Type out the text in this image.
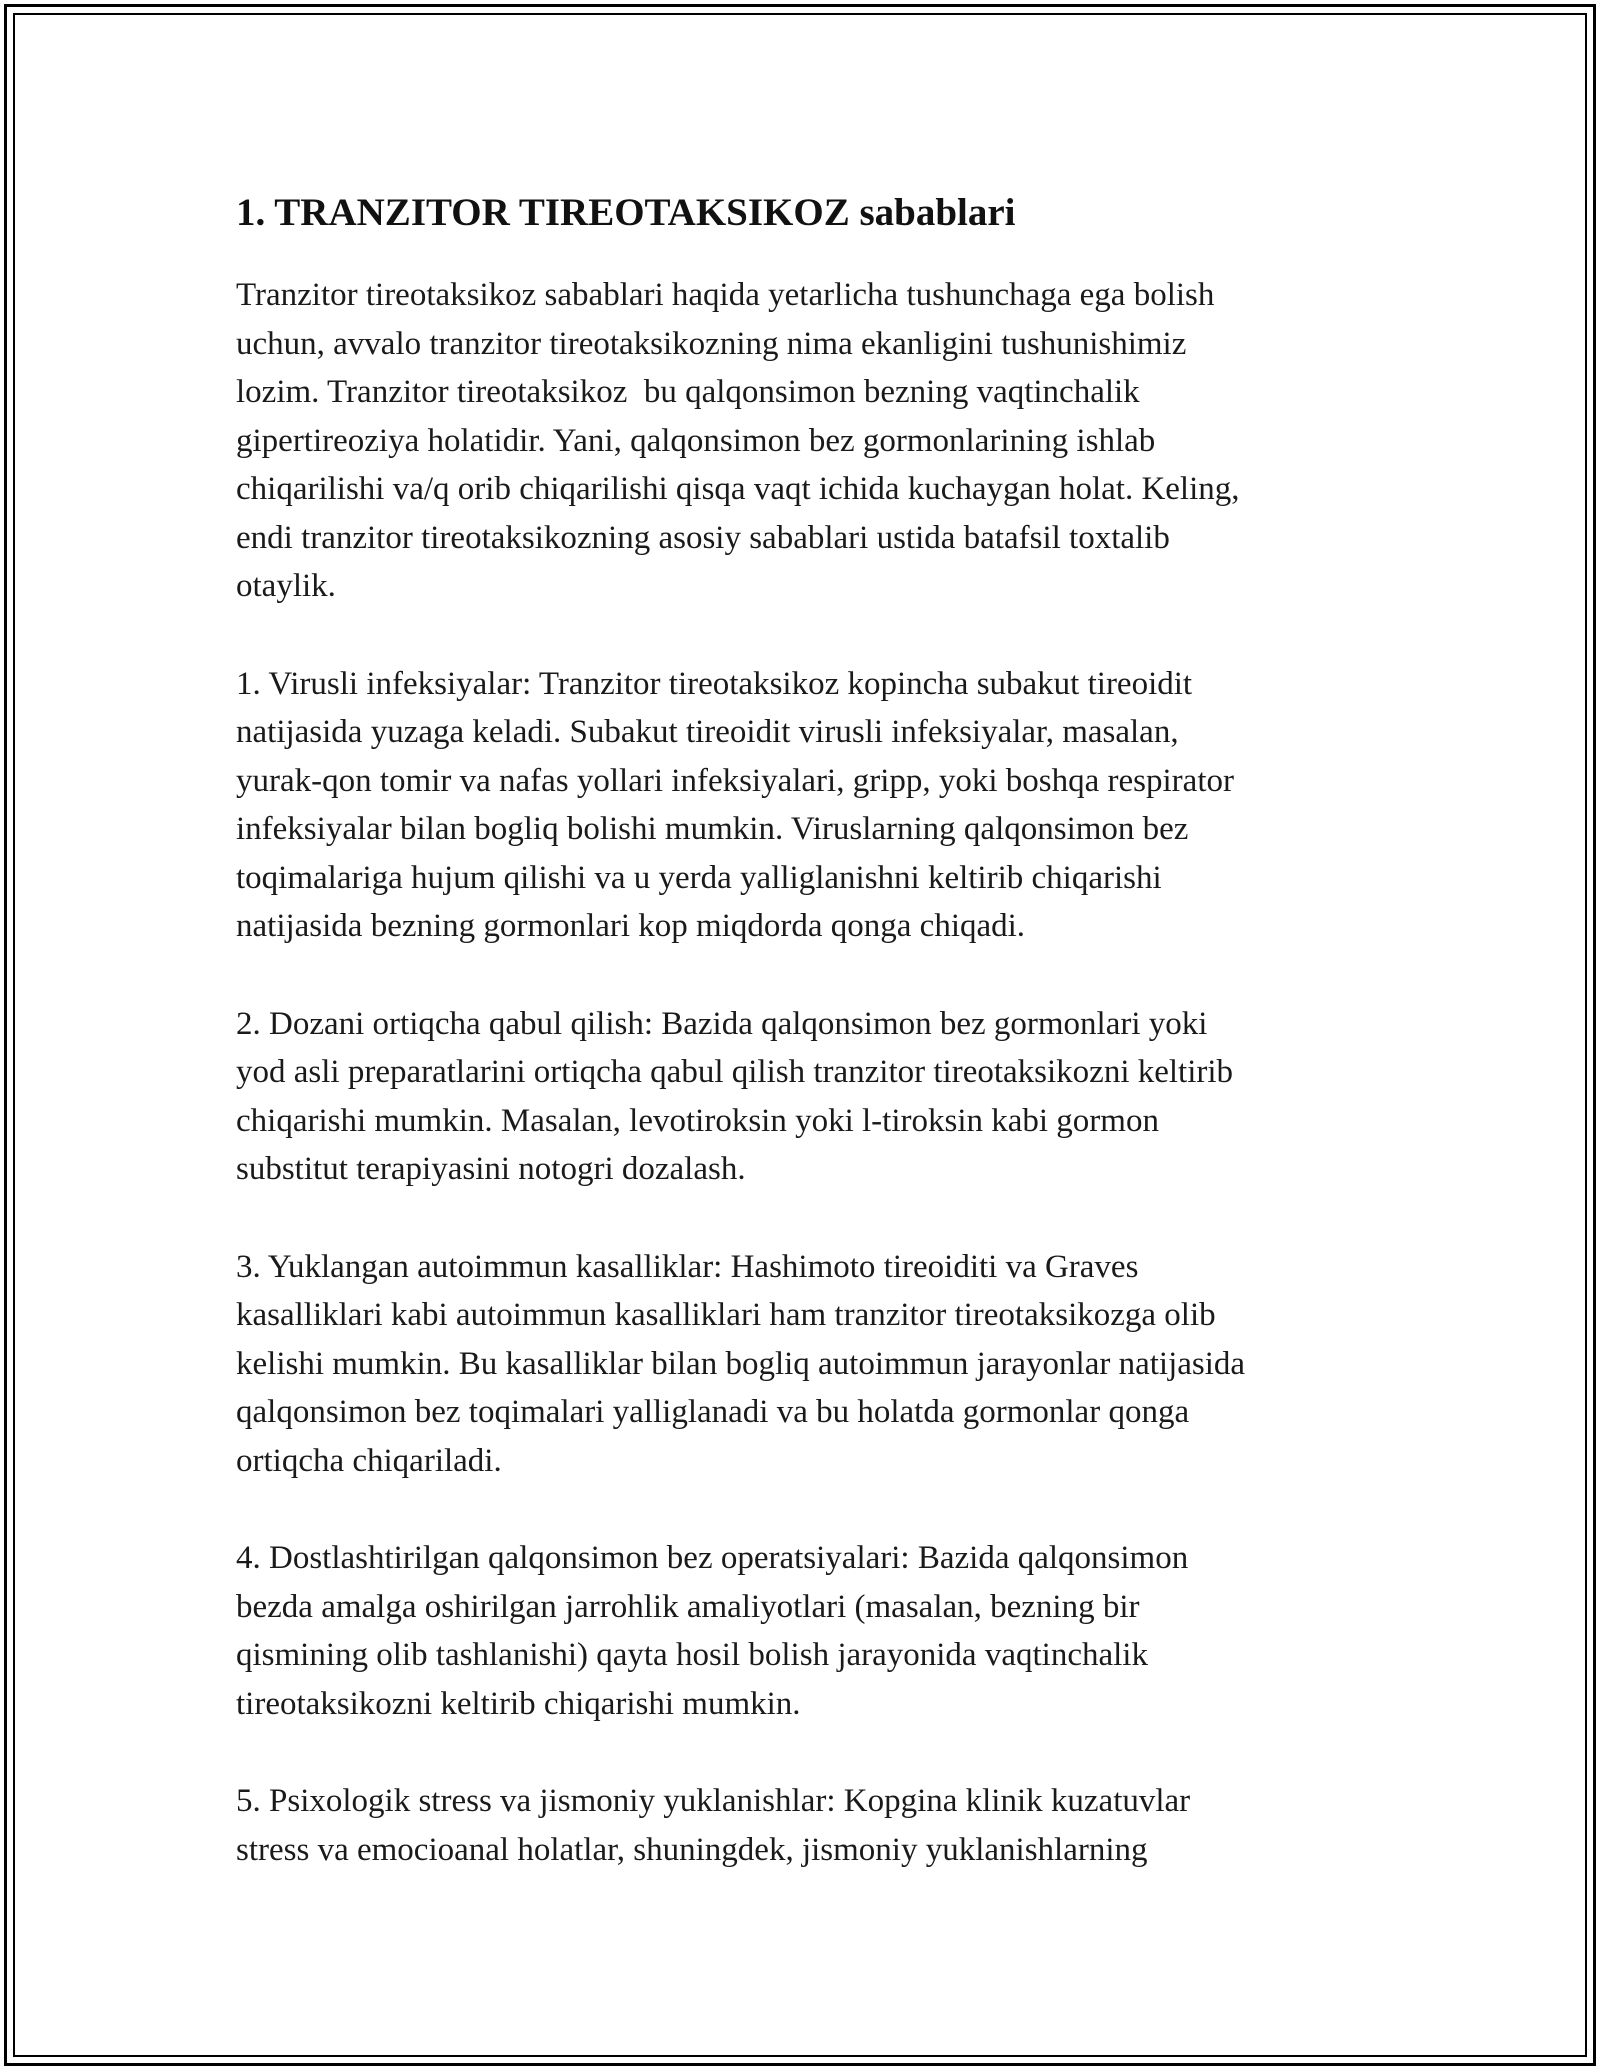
1. TRANZITOR TIREOTAKSIKOZ sabablari
Tranzitor tireotaksikoz sabablari haqida yetarlicha tushunchaga ega bolish
uchun, avvalo tranzitor tireotaksikozning nima ekanligini tushunishimiz
lozim. Tranzitor tireotaksikoz  bu qalqonsimon bezning vaqtinchalik
gipertireoziya holatidir. Yani, qalqonsimon bez gormonlarining ishlab
chiqarilishi va/q orib chiqarilishi qisqa vaqt ichida kuchaygan holat. Keling,
endi tranzitor tireotaksikozning asosiy sabablari ustida batafsil toxtalib
otaylik.
1. Virusli infeksiyalar: Tranzitor tireotaksikoz kopincha subakut tireoidit
natijasida yuzaga keladi. Subakut tireoidit virusli infeksiyalar, masalan,
yurak-qon tomir va nafas yollari infeksiyalari, gripp, yoki boshqa respirator
infeksiyalar bilan bogliq bolishi mumkin. Viruslarning qalqonsimon bez
toqimalariga hujum qilishi va u yerda yalliglanishni keltirib chiqarishi
natijasida bezning gormonlari kop miqdorda qonga chiqadi.
2. Dozani ortiqcha qabul qilish: Bazida qalqonsimon bez gormonlari yoki
yod asli preparatlarini ortiqcha qabul qilish tranzitor tireotaksikozni keltirib
chiqarishi mumkin. Masalan, levotiroksin yoki l-tiroksin kabi gormon
substitut terapiyasini notogri dozalash.
3. Yuklangan autoimmun kasalliklar: Hashimoto tireoiditi va Graves
kasalliklari kabi autoimmun kasalliklari ham tranzitor tireotaksikozga olib
kelishi mumkin. Bu kasalliklar bilan bogliq autoimmun jarayonlar natijasida
qalqonsimon bez toqimalari yalliglanadi va bu holatda gormonlar qonga
ortiqcha chiqariladi.
4. Dostlashtirilgan qalqonsimon bez operatsiyalari: Bazida qalqonsimon
bezda amalga oshirilgan jarrohlik amaliyotlari (masalan, bezning bir
qismining olib tashlanishi) qayta hosil bolish jarayonida vaqtinchalik
tireotaksikozni keltirib chiqarishi mumkin.
5. Psixologik stress va jismoniy yuklanishlar: Kopgina klinik kuzatuvlar
stress va emocioanal holatlar, shuningdek, jismoniy yuklanishlarning
